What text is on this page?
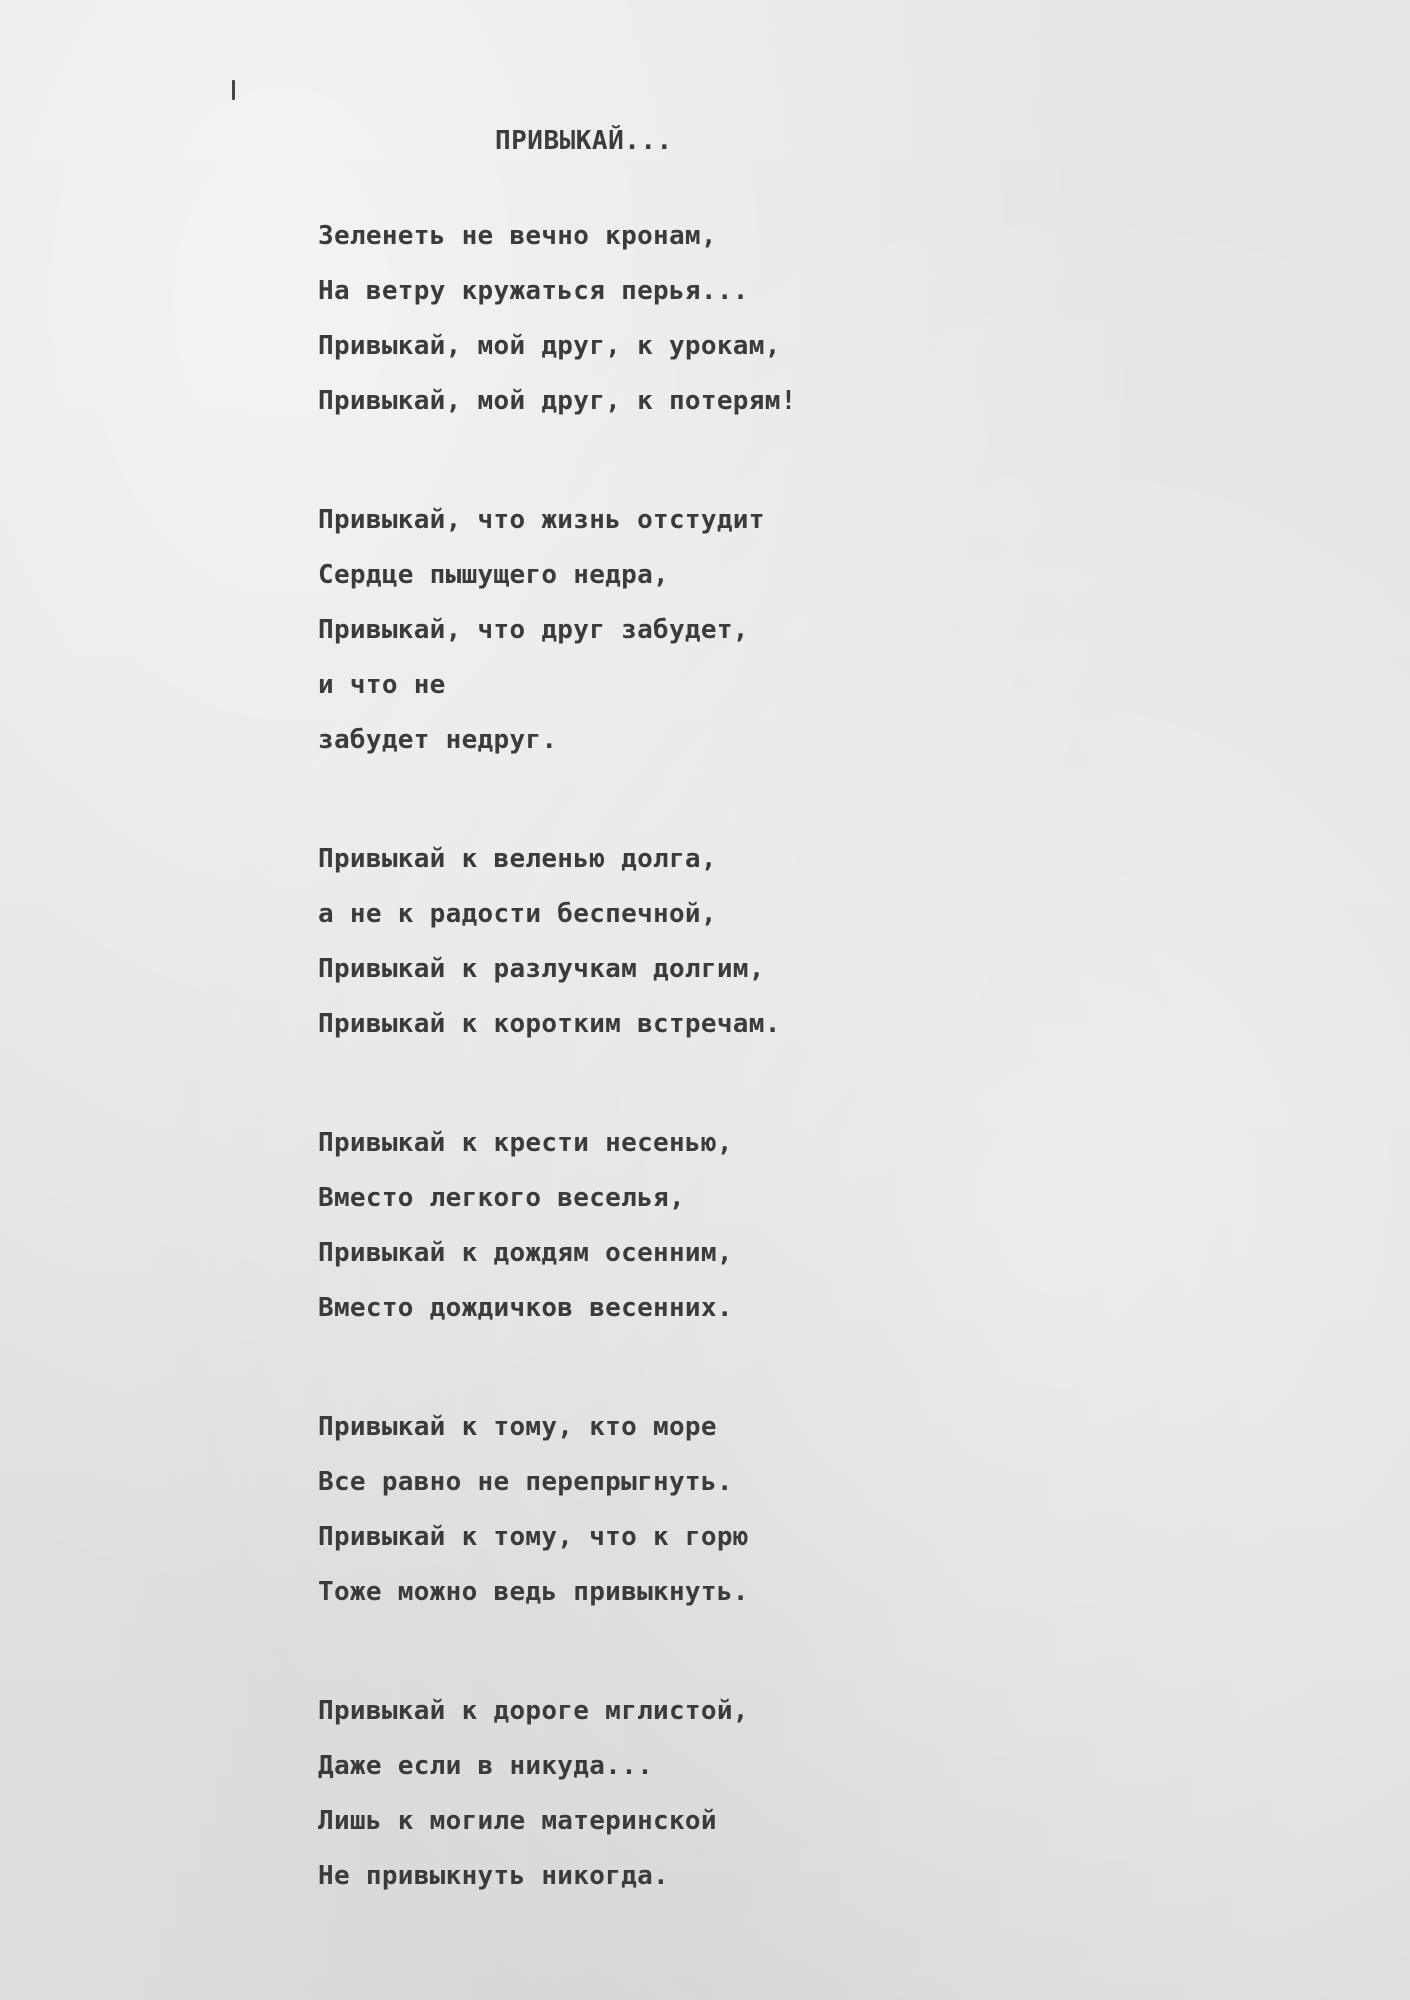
ПРИВЫКАЙ...
Зеленеть не вечно кронам,
На ветру кружаться перья...
Привыкай, мой друг, к урокам,
Привыкай, мой друг, к потерям!
Привыкай, что жизнь отстудит
Сердце пышущего недра,
Привыкай, что друг забудет,
и что не
забудет недруг.
Привыкай к веленью долга,
а не к радости беспечной,
Привыкай к разлучкам долгим,
Привыкай к коротким встречам.
Привыкай к крести несенью,
Вместо легкого веселья,
Привыкай к дождям осенним,
Вместо дождичков весенних.
Привыкай к тому, кто море
Все равно не перепрыгнуть.
Привыкай к тому, что к горю
Тоже можно ведь привыкнуть.
Привыкай к дороге мглистой,
Даже если в никуда...
Лишь к могиле материнской
Не привыкнуть никогда.
